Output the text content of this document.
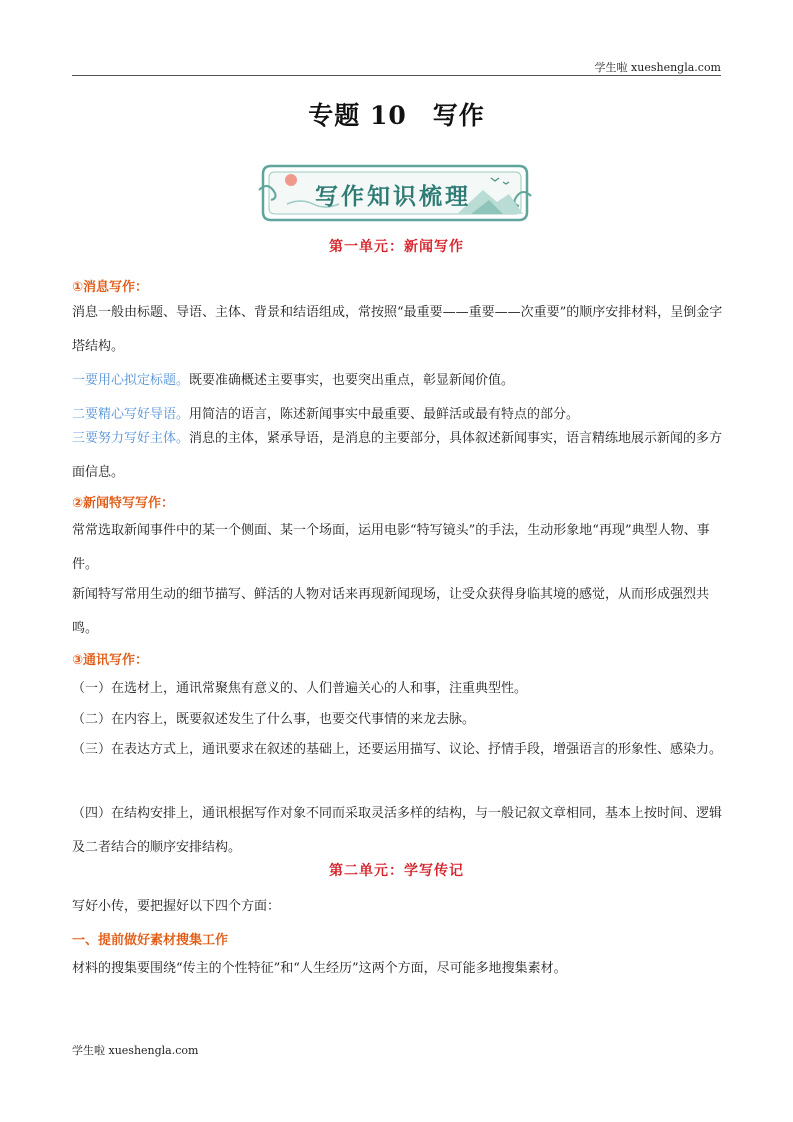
学生啦 xueshengla.com
专题 10　写作
写作知识梳理
第一单元：新闻写作
①消息写作：
消息一般由标题、导语、主体、背景和结语组成，常按照“最重要——重要——次重要”的顺序安排材料，呈倒金字塔结构。
一要用心拟定标题。既要准确概述主要事实，也要突出重点，彰显新闻价值。
二要精心写好导语。用简洁的语言，陈述新闻事实中最重要、最鲜活或最有特点的部分。
三要努力写好主体。消息的主体，紧承导语，是消息的主要部分，具体叙述新闻事实，语言精练地展示新闻的多方面信息。
②新闻特写写作：
常常选取新闻事件中的某一个侧面、某一个场面，运用电影“特写镜头”的手法，生动形象地“再现”典型人物、事件。
新闻特写常用生动的细节描写、鲜活的人物对话来再现新闻现场，让受众获得身临其境的感觉，从而形成强烈共鸣。
③通讯写作：
（一）在选材上，通讯常聚焦有意义的、人们普遍关心的人和事，注重典型性。
（二）在内容上，既要叙述发生了什么事，也要交代事情的来龙去脉。
（三）在表达方式上，通讯要求在叙述的基础上，还要运用描写、议论、抒情手段，增强语言的形象性、感染力。
（四）在结构安排上，通讯根据写作对象不同而采取灵活多样的结构，与一般记叙文章相同，基本上按时间、逻辑及二者结合的顺序安排结构。
第二单元：学写传记
写好小传，要把握好以下四个方面：
一、提前做好素材搜集工作
材料的搜集要围绕“传主的个性特征”和“人生经历”这两个方面，尽可能多地搜集素材。
学生啦 xueshengla.com
